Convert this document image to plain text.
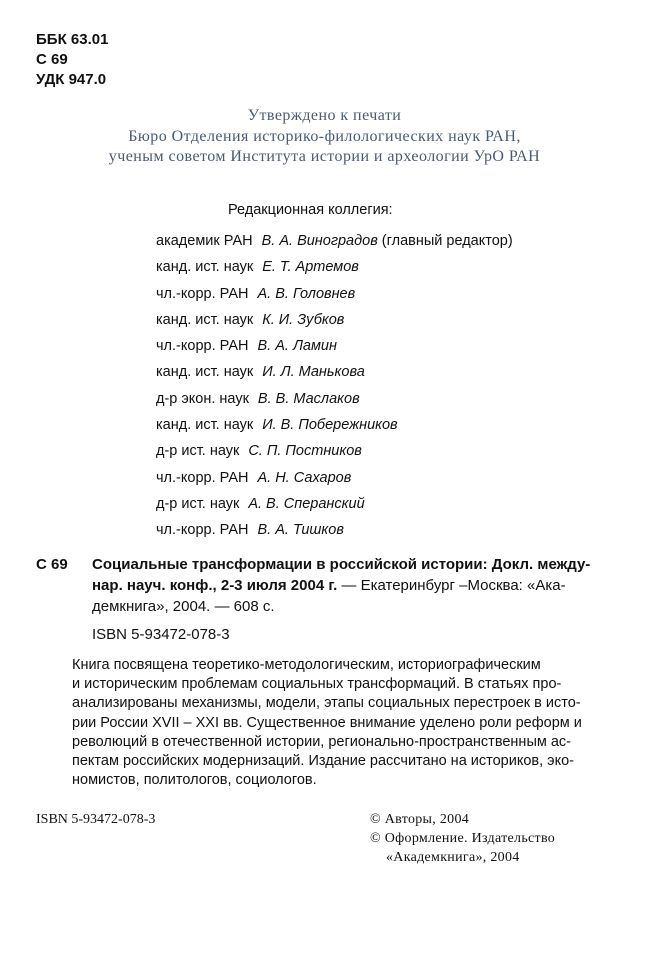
ББК 63.01
С 69
УДК 947.0
Утверждено к печати
Бюро Отделения историко-филологических наук РАН,
ученым советом Института истории и археологии УрО РАН
Редакционная коллегия:
академик РАН В. А. Виноградов (главный редактор)
канд. ист. наук Е. Т. Артемов
чл.-корр. РАН А. В. Головнев
канд. ист. наук К. И. Зубков
чл.-корр. РАН В. А. Ламин
канд. ист. наук И. Л. Манькова
д-р экон. наук В. В. Маслаков
канд. ист. наук И. В. Побережников
д-р ист. наук С. П. Постников
чл.-корр. РАН А. Н. Сахаров
д-р ист. наук А. В. Сперанский
чл.-корр. РАН В. А. Тишков
С 69 Социальные трансформации в российской истории: Докл. между-
нар. науч. конф., 2-3 июля 2004 г. — Екатеринбург –Москва: «Ака-
демкнига», 2004. — 608 с.
ISBN 5-93472-078-3
Книга посвящена теоретико-методологическим, историографическим
и историческим проблемам социальных трансформаций. В статьях про-
анализированы механизмы, модели, этапы социальных перестроек в исто-
рии России XVII – XXI вв. Существенное внимание уделено роли реформ и
революций в отечественной истории, регионально-пространственным ас-
пектам российских модернизаций. Издание рассчитано на историков, эко-
номистов, политологов, социологов.
ISBN 5-93472-078-3	© Авторы, 2004
© Оформление. Издательство
«Академкнига», 2004
